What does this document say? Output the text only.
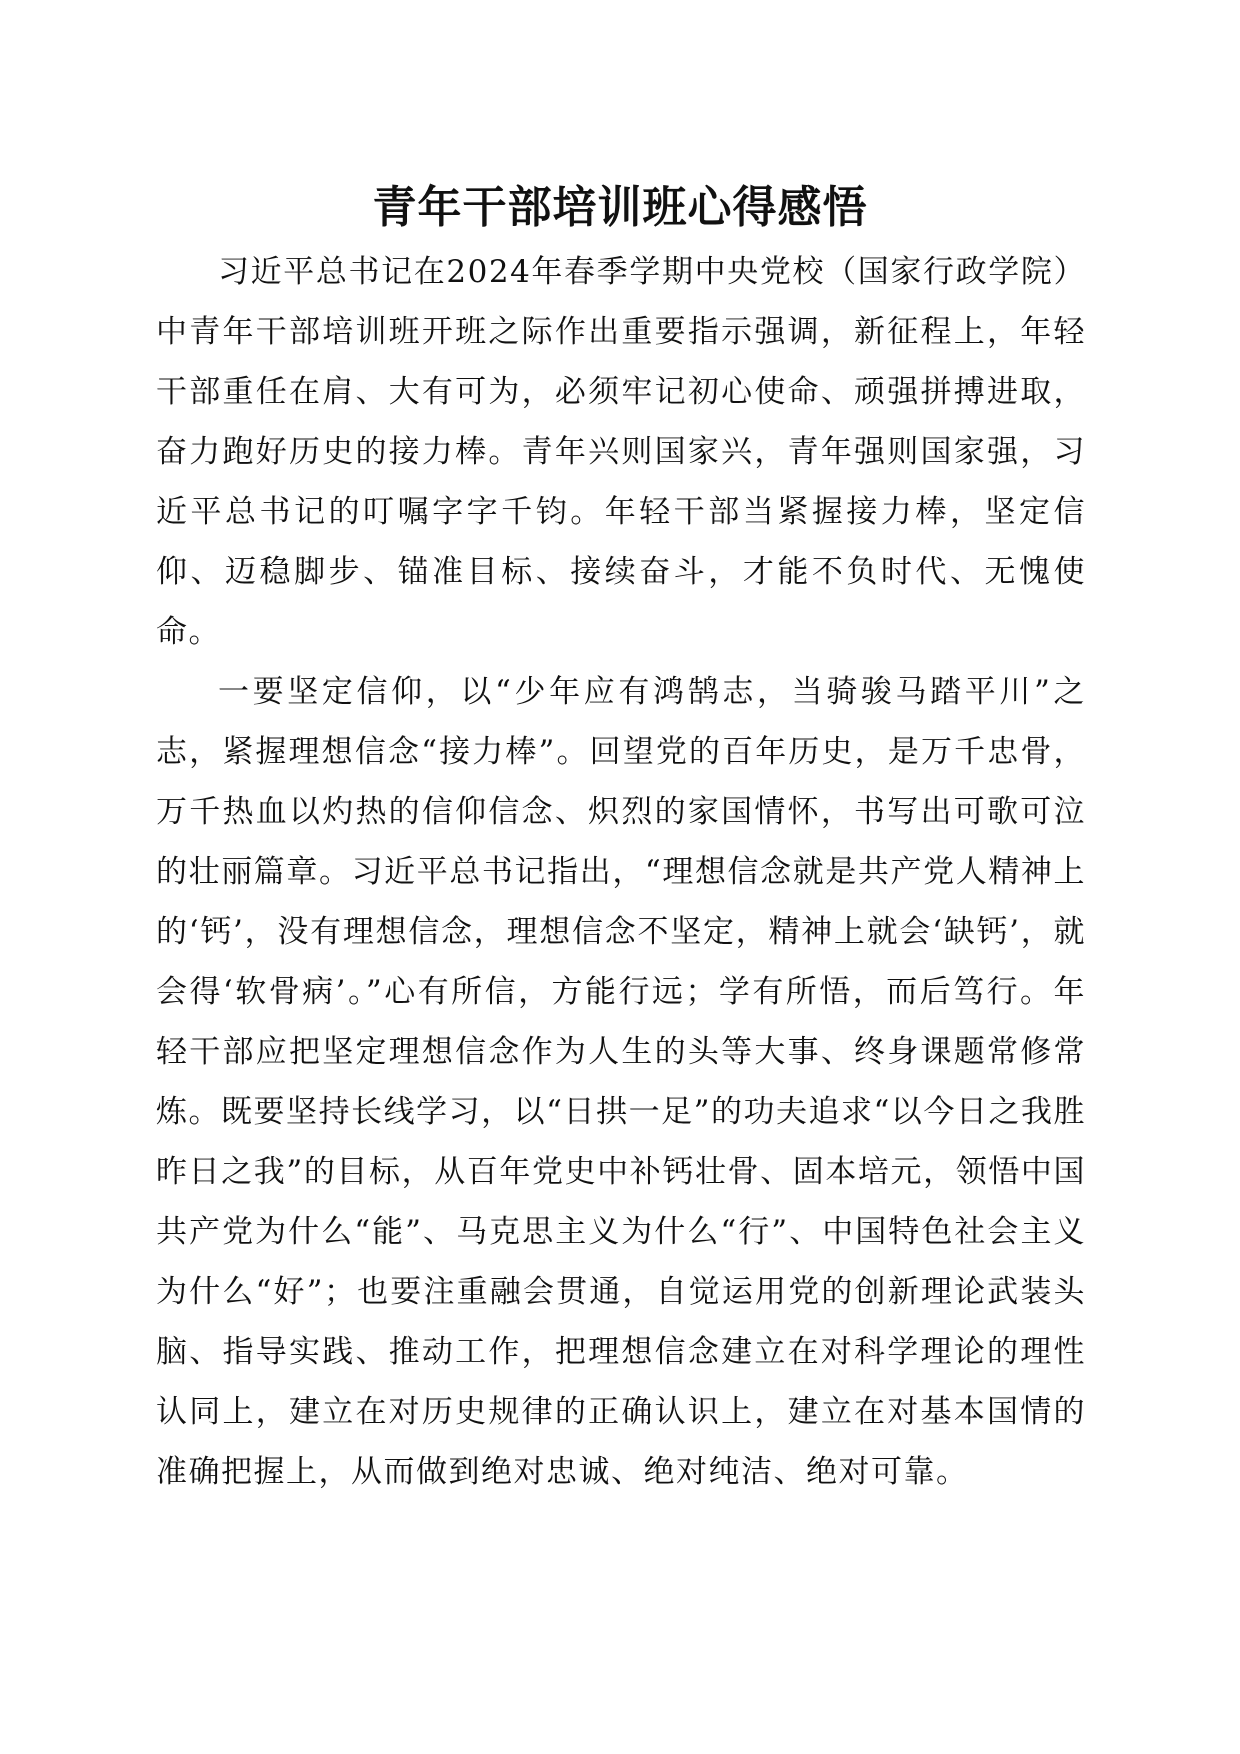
青年干部培训班心得感悟

习近平总书记在2024年春季学期中央党校（国家行政学院）中青年干部培训班开班之际作出重要指示强调，新征程上，年轻干部重任在肩、大有可为，必须牢记初心使命、顽强拼搏进取，奋力跑好历史的接力棒。青年兴则国家兴，青年强则国家强，习近平总书记的叮嘱字字千钧。年轻干部当紧握接力棒，坚定信仰、迈稳脚步、锚准目标、接续奋斗，才能不负时代、无愧使命。

一要坚定信仰，以“少年应有鸿鹄志，当骑骏马踏平川”之志，紧握理想信念“接力棒”。回望党的百年历史，是万千忠骨，万千热血以灼热的信仰信念、炽烈的家国情怀，书写出可歌可泣的壮丽篇章。习近平总书记指出，“理想信念就是共产党人精神上的‘钙’，没有理想信念，理想信念不坚定，精神上就会‘缺钙’，就会得‘软骨病’。”心有所信，方能行远；学有所悟，而后笃行。年轻干部应把坚定理想信念作为人生的头等大事、终身课题常修常炼。既要坚持长线学习，以“日拱一足”的功夫追求“以今日之我胜昨日之我”的目标，从百年党史中补钙壮骨、固本培元，领悟中国共产党为什么“能”、马克思主义为什么“行”、中国特色社会主义为什么“好”；也要注重融会贯通，自觉运用党的创新理论武装头脑、指导实践、推动工作，把理想信念建立在对科学理论的理性认同上，建立在对历史规律的正确认识上，建立在对基本国情的准确把握上，从而做到绝对忠诚、绝对纯洁、绝对可靠。
